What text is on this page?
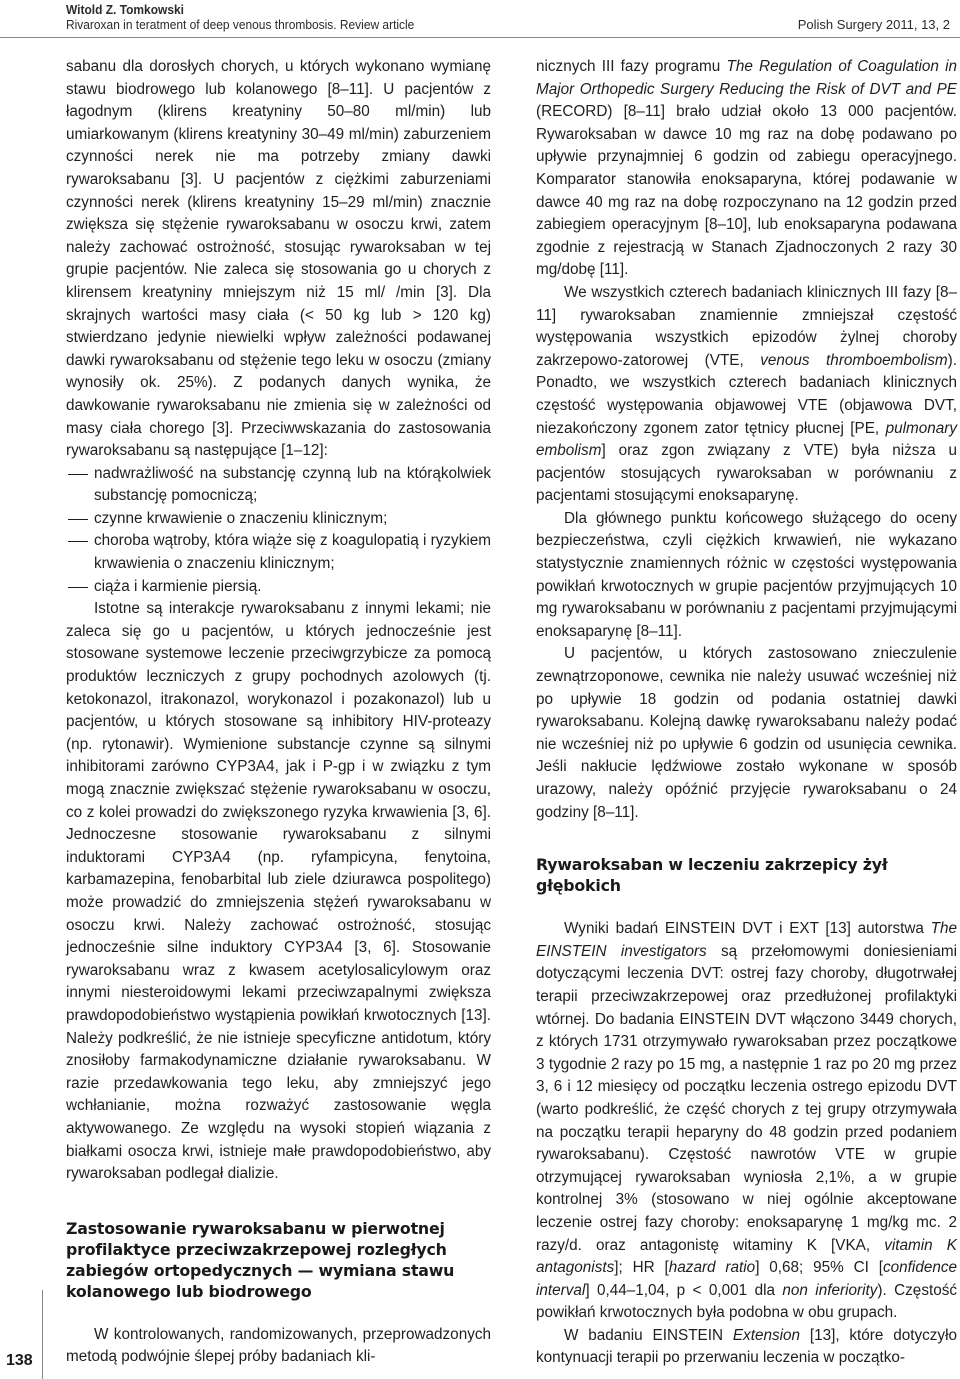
Witold Z. Tomkowski
Rivaroxan in teratment of deep venous thrombosis. Review article	Polish Surgery 2011, 13, 2

sabanu dla dorosłych chorych, u których wykonano wymianę stawu biodrowego lub kolanowego [8–11]. U pacjentów z łagodnym (klirens kreatyniny 50–80 ml/min) lub umiarkowanym (klirens kreatyniny 30–49 ml/min) zaburzeniem czynności nerek nie ma potrzeby zmiany dawki rywaroksabanu [3]. U pacjentów z ciężkimi zaburzeniami czynności nerek (klirens kreatyniny 15–29 ml/min) znacznie zwiększa się stężenie rywaroksabanu w osoczu krwi, zatem należy zachować ostrożność, stosując rywaroksaban w tej grupie pacjentów. Nie zaleca się stosowania go u chorych z klirensem kreatyniny mniejszym niż 15 ml/ /min [3]. Dla skrajnych wartości masy ciała (< 50 kg lub > 120 kg) stwierdzano jedynie niewielki wpływ zależności podawanej dawki rywaroksabanu od stężenie tego leku w osoczu (zmiany wynosiły ok. 25%). Z podanych danych wynika, że dawkowanie rywaroksabanu nie zmienia się w zależności od masy ciała chorego [3]. Przeciwwskazania do zastosowania rywaroksabanu są następujące [1–12]:

nadwrażliwość na substancję czynną lub na którąkolwiek substancję pomocniczą;
czynne krwawienie o znaczeniu klinicznym;
choroba wątroby, która wiąże się z koagulopatią i ryzykiem krwawienia o znaczeniu klinicznym;
ciąża i karmienie piersią.

Istotne są interakcje rywaroksabanu z innymi lekami; nie zaleca się go u pacjentów, u których jednocześnie jest stosowane systemowe leczenie przeciwgrzybicze za pomocą produktów leczniczych z grupy pochodnych azolowych (tj. ketokonazol, itrakonazol, worykonazol i pozakonazol) lub u pacjentów, u których stosowane są inhibitory HIV-proteazy (np. rytonawir). Wymienione substancje czynne są silnymi inhibitorami zarówno CYP3A4, jak i P-gp i w związku z tym mogą znacznie zwiększać stężenie rywaroksabanu w osoczu, co z kolei prowadzi do zwiększonego ryzyka krwawienia [3, 6]. Jednoczesne stosowanie rywaroksabanu z silnymi induktorami CYP3A4 (np. ryfampicyna, fenytoina, karbamazepina, fenobarbital lub ziele dziurawca pospolitego) może prowadzić do zmniejszenia stężeń rywaroksabanu w osoczu krwi. Należy zachować ostrożność, stosując jednocześnie silne induktory CYP3A4 [3, 6]. Stosowanie rywaroksabanu wraz z kwasem acetylosalicylowym oraz innymi niesteroidowymi lekami przeciwzapalnymi zwiększa prawdopodobieństwo wystąpienia powikłań krwotocznych [13]. Należy podkreślić, że nie istnieje specyficzne antidotum, który znosiłoby farmakodynamiczne działanie rywaroksabanu. W razie przedawkowania tego leku, aby zmniejszyć jego wchłanianie, można rozważyć zastosowanie węgla aktywowanego. Ze względu na wysoki stopień wiązania z białkami osocza krwi, istnieje małe prawdopodobieństwo, aby rywaroksaban podlegał dializie.

Zastosowanie rywaroksabanu w pierwotnej profilaktyce przeciwzakrzepowej rozległych zabiegów ortopedycznych — wymiana stawu kolanowego lub biodrowego

W kontrolowanych, randomizowanych, przeprowadzonych metodą podwójnie ślepej próby badaniach kli-

nicznych III fazy programu The Regulation of Coagulation in Major Orthopedic Surgery Reducing the Risk of DVT and PE (RECORD) [8–11] brało udział około 13 000 pacjentów. Rywaroksaban w dawce 10 mg raz na dobę podawano po upływie przynajmniej 6 godzin od zabiegu operacyjnego. Komparator stanowiła enoksaparyna, której podawanie w dawce 40 mg raz na dobę rozpoczynano na 12 godzin przed zabiegiem operacyjnym [8–10], lub enoksaparyna podawana zgodnie z rejestracją w Stanach Zjadnoczonych 2 razy 30 mg/dobę [11].

We wszystkich czterech badaniach klinicznych III fazy [8–11] rywaroksaban znamiennie zmniejszał częstość występowania wszystkich epizodów żylnej choroby zakrzepowo-zatorowej (VTE, venous thromboembolism). Ponadto, we wszystkich czterech badaniach klinicznych częstość występowania objawowej VTE (objawowa DVT, niezakończony zgonem zator tętnicy płucnej [PE, pulmonary embolism] oraz zgon związany z VTE) była niższa u pacjentów stosujących rywaroksaban w porównaniu z pacjentami stosującymi enoksaparynę.

Dla głównego punktu końcowego służącego do oceny bezpieczeństwa, czyli ciężkich krwawień, nie wykazano statystycznie znamiennych różnic w częstości występowania powikłań krwotocznych w grupie pacjentów przyjmujących 10 mg rywaroksabanu w porównaniu z pacjentami przyjmującymi enoksaparynę [8–11].

U pacjentów, u których zastosowano znieczulenie zewnątrzoponowe, cewnika nie należy usuwać wcześniej niż po upływie 18 godzin od podania ostatniej dawki rywaroksabanu. Kolejną dawkę rywaroksabanu należy podać nie wcześniej niż po upływie 6 godzin od usunięcia cewnika. Jeśli nakłucie lędźwiowe zostało wykonane w sposób urazowy, należy opóźnić przyjęcie rywaroksabanu o 24 godziny [8–11].

Rywaroksaban w leczeniu zakrzepicy żył głębokich

Wyniki badań EINSTEIN DVT i EXT [13] autorstwa The EINSTEIN investigators są przełomowymi doniesieniami dotyczącymi leczenia DVT: ostrej fazy choroby, długotrwałej terapii przeciwzakrzepowej oraz przedłużonej profilaktyki wtórnej. Do badania EINSTEIN DVT włączono 3449 chorych, z których 1731 otrzymywało rywaroksaban przez początkowe 3 tygodnie 2 razy po 15 mg, a następnie 1 raz po 20 mg przez 3, 6 i 12 miesięcy od początku leczenia ostrego epizodu DVT (warto podkreślić, że część chorych z tej grupy otrzymywała na początku terapii heparyny do 48 godzin przed podaniem rywaroksabanu). Częstość nawrotów VTE w grupie otrzymującej rywaroksaban wyniosła 2,1%, a w grupie kontrolnej 3% (stosowano w niej ogólnie akceptowane leczenie ostrej fazy choroby: enoksaparynę 1 mg/kg mc. 2 razy/d. oraz antagonistę witaminy K [VKA, vitamin K antagonists]; HR [hazard ratio] 0,68; 95% CI [confidence interval] 0,44–1,04, p < 0,001 dla non inferiority). Częstość powikłań krwotocznych była podobna w obu grupach.

W badaniu EINSTEIN Extension [13], które dotyczyło kontynuacji terapii po przerwaniu leczenia w początko-

138
